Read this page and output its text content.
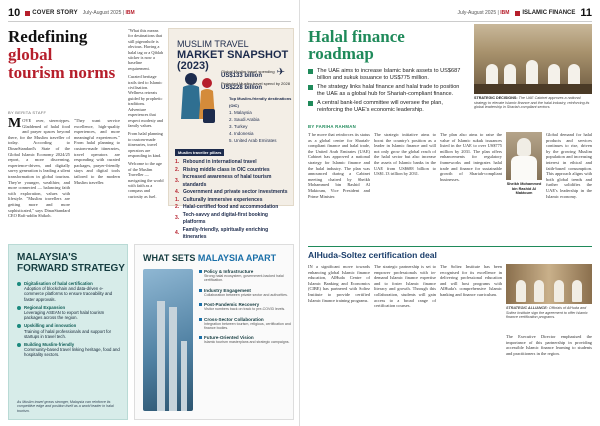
10 COVER STORY July-August 2025 | IBM
Redefining
global
tourism norms
BY BERITA STAFF
MOVE over, stereotypes. Gladdened of halal food and prayer spaces beyond there, for the Muslim traveller of today. According to DinarStandard's State of the Global Islamic Economy 2024/25 report, a more discerning, experience-driven, and digitally savvy generation is leading a silent transformation in global tourism. They're younger, wealthier, and more connected — balancing faith with exploration, values with lifestyle. "Muslim travellers are getting more and more sophisticated," says DinarStandard CEO Rafi-uddin Shikoh.
"They want service excellence, high-quality experiences, and more meaningful experiences." From halal planning to custom-made itineraries, travel operators are responding with curated packages, prayer-friendly stays and digital tools tailored to the modern Muslim traveller.

"What this means for destinations that still pigeonhole is obvious. Having a halal tag or a Qiblah sticker is now a baseline requirement.

Curated heritage trails tied to Islamic civilisation. Wellness retreats guided by prophetic traditions. Adventure experiences that respect modesty and family values.

From halal planning to custom-made itineraries, travel operators are responding in kind.

Welcome to the age of the Muslim Traveller — navigating the world with faith as a compass and curiosity as fuel.

MUSLIM TRAVEL
MARKET SNAPSHOT (2023)
✈
Global Muslim travel spending
US$133 billion
Projected Muslim travel spend by 2028
US$228 billion
Top Muslim-friendly destinations (OIC)
1. Malaysia
2. Saudi Arabia
3. Turkey
4. Indonesia
5. United Arab Emirates
Muslim traveller pillars
1. Rebound in international travel
2. Rising middle class in OIC countries
3.
Increased awareness of halal tourism standards
4. Government and private sector investments
1. Culturally immersive experiences
2. Halal-certified food and accommodation
3.
Tech-savvy and digital-first booking platforms
4.
Family-friendly, spiritually enriching itineraries
MALAYSIA'S
FORWARD STRATEGY
Digitalisation of halal certification
Adoption of blockchain and data-driven e-commerce platforms to ensure traceability and faster approvals.
Regional Expansion
Leveraging ASEAN to export halal tourism packages across the region.
Upskilling and innovation
Training of halal professionals and support for startups in travel tech.
Building Muslim-friendly
Community-based travel linking heritage, food and hospitality sectors.
As Muslim travel grows stronger, Malaysia can reinforce its competitive edge and position itself as a world leader in halal tourism.
WHAT SETS MALAYSIA APART
Policy & Infrastructure
Strong halal ecosystem, government-backed halal certification.
Industry Engagement
Collaboration between private sector and authorities.
Post-Pandemic Recovery
Visitor numbers back on track to pre-COVID levels.
Cross-Sector Collaboration
Integration between tourism, religious, certification and finance bodies.
Future-Oriented Vision
Islamic tourism masterplans and strategic campaigns.
July-August 2025 | IBM ISLAMIC FINANCE 11
Halal finance
roadmap
The UAE aims to increase Islamic bank assets to US$687 billion and sukuk issuance to US$775 million.
The strategy links halal finance and halal trade to position the UAE as a global hub for Shariah-compliant finance.
A central bank-led committee will oversee the plan, reinforcing the UAE's economic leadership.
STRATEGIC DECISIONS: The UAE Cabinet approves a national strategy to elevate Islamic finance and the halal industry, reinforcing its global leadership in Shariah-compliant sectors.
BY FARIHA RAHMAN
T he move that reinforces its status as a global centre for Shariah-compliant finance and halal trade, the United Arab Emirates (UAE) Cabinet has approved a national strategy for Islamic finance and the halal industry. The plan was announced during a Cabinet meeting chaired by Sheikh Mohammed bin Rashid Al Maktoum, Vice President and Prime Minister.
The strategic initiative aims to boost the country's position as a leader in Islamic finance and will not only grow the global reach of the halal sector but also increase the assets of Islamic banks in the UAE from US$688 billion to US$1.13 trillion by 2031.
The plan also aims to raise the value of Islamic sukuk issuances listed in the UAE to over US$775 million by 2031. The plan offers enhancements for regulatory frameworks and integrates halal trade and finance for sustainable growth of Shariah-compliant businesses.
Sheikh Mohammed bin Rashid Al Maktoum
Global demand for halal products and services continues to rise, driven by the growing Muslim population and increasing interest in ethical and faith-based consumption. This approach aligns with both global trends and further solidifies the UAE's leadership in the Islamic economy.
AlHuda-Soltez certification deal
IN a significant move towards enhancing global Islamic finance education, AlHuda Centre of Islamic Banking and Economics (CIBE) has partnered with Soltez Institute to provide certified Islamic finance training programs.
The strategic partnership is set to empower professionals with in-demand Islamic finance expertise and to foster Islamic finance literacy and growth. Through this collaboration, students will gain access to a broad range of certification courses.
The Soltez Institute has been recognised for its excellence in delivering professional education and will host programs with AlHuda's comprehensive Islamic banking and finance curriculum.
STRATEGIC ALLIANCE: Officials of AlHuda and Soltez Institute sign the agreement to offer Islamic finance certification programs.
The Executive Director emphasised the importance of this partnership in providing accessible Islamic finance learning to students and practitioners in the region.
